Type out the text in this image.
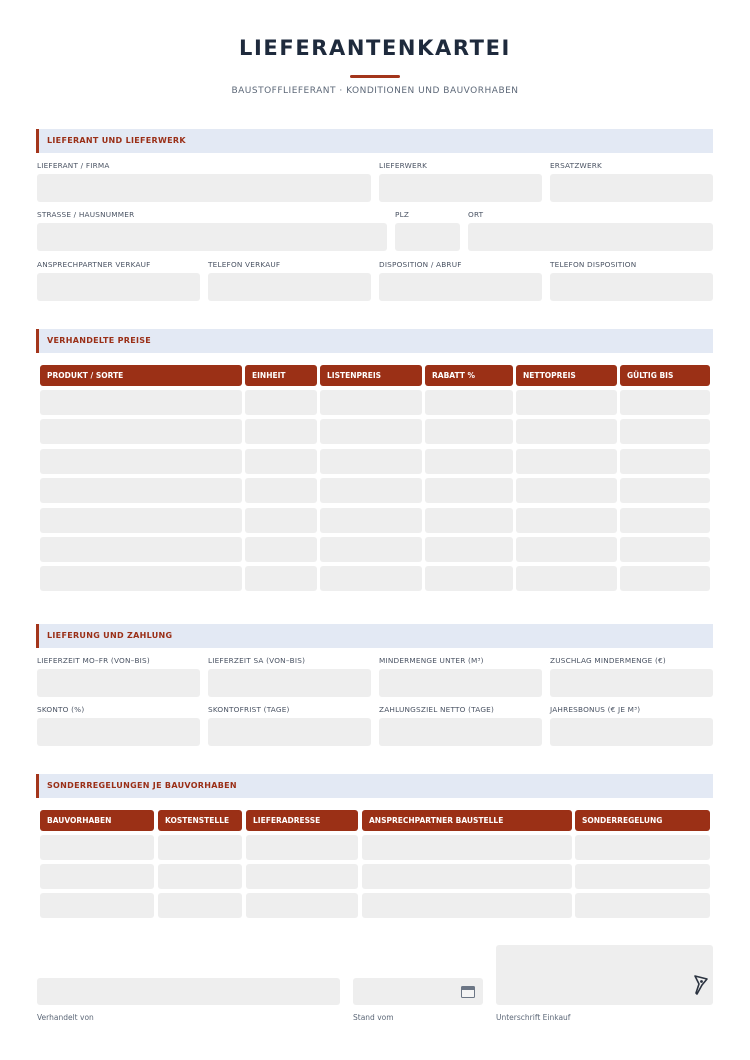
LIEFERANTENKARTEI
BAUSTOFFLIEFERANT · KONDITIONEN UND BAUVORHABEN
LIEFERANT UND LIEFERWERK
LIEFERANT / FIRMA	LIEFERWERK	ERSATZWERK
STRASSE / HAUSNUMMER	PLZ	ORT
ANSPRECHPARTNER VERKAUF	TELEFON VERKAUF	DISPOSITION / ABRUF	TELEFON DISPOSITION
VERHANDELTE PREISE
PRODUKT / SORTE	EINHEIT	LISTENPREIS	RABATT %	NETTOPREIS	GÜLTIG BIS
LIEFERUNG UND ZAHLUNG
LIEFERZEIT MO–FR (VON–BIS)	LIEFERZEIT SA (VON–BIS)	MINDERMENGE UNTER (M³)	ZUSCHLAG MINDERMENGE (€)
SKONTO (%)	SKONTOFRIST (TAGE)	ZAHLUNGSZIEL NETTO (TAGE)	JAHRESBONUS (€ JE M³)
SONDERREGELUNGEN JE BAUVORHABEN
BAUVORHABEN	KOSTENSTELLE	LIEFERADRESSE	ANSPRECHPARTNER BAUSTELLE	SONDERREGELUNG
Verhandelt von	Stand vom	Unterschrift Einkauf
